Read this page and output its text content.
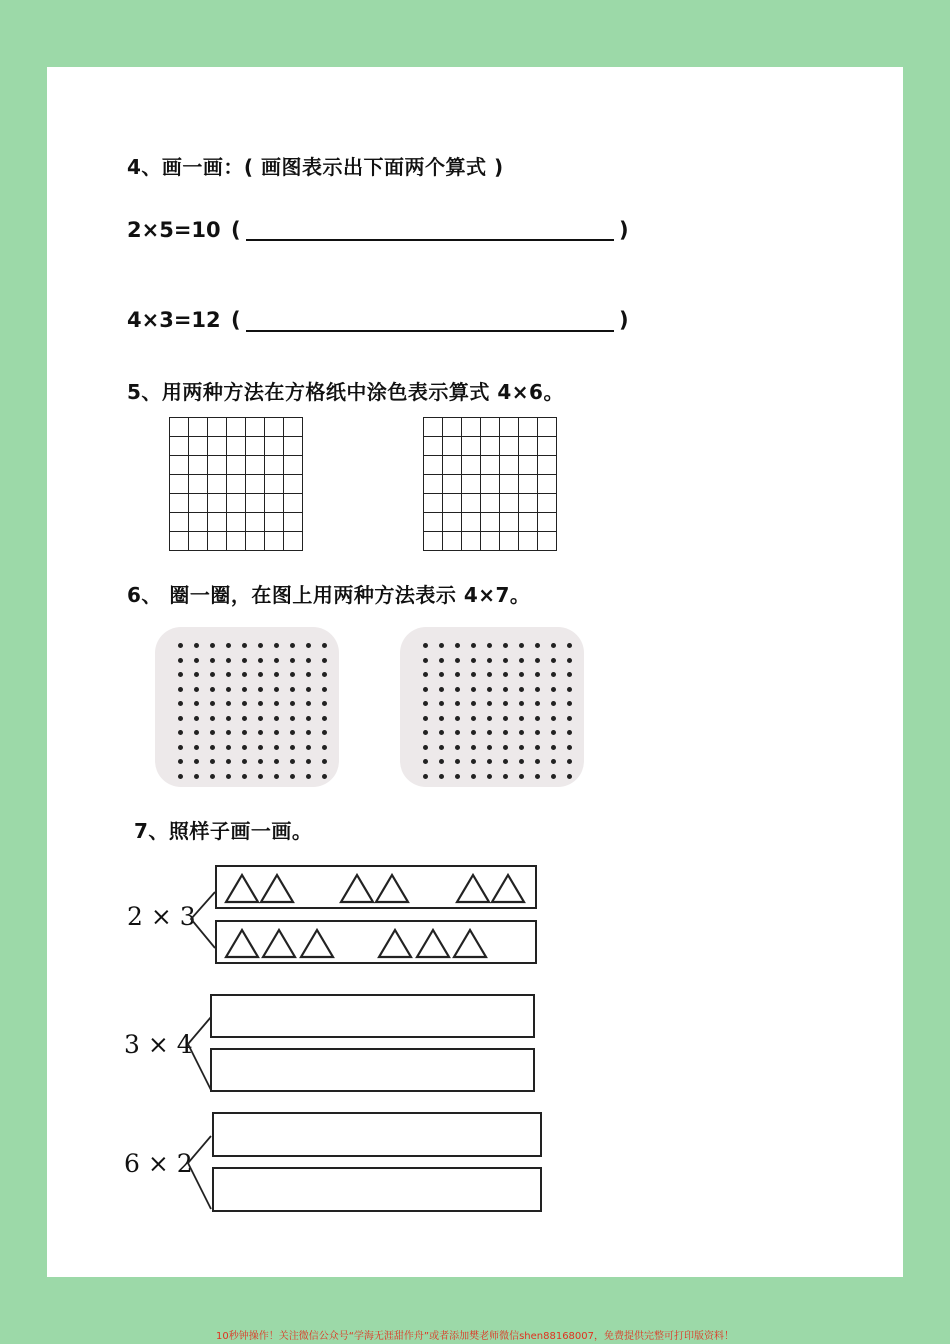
4、画一画：( 画图表示出下面两个算式 )
2×5=10 (	)
4×3=12 (	)
5、用两种方法在方格纸中涂色表示算式 4×6。
6、 圈一圈，在图上用两种方法表示 4×7。
7、照样子画一画。
2 × 3
3 × 4
6 × 2
10秒钟操作！关注微信公众号“学海无涯甜作舟”或者添加樊老师微信shen88168007，免费提供完整可打印版资料！
